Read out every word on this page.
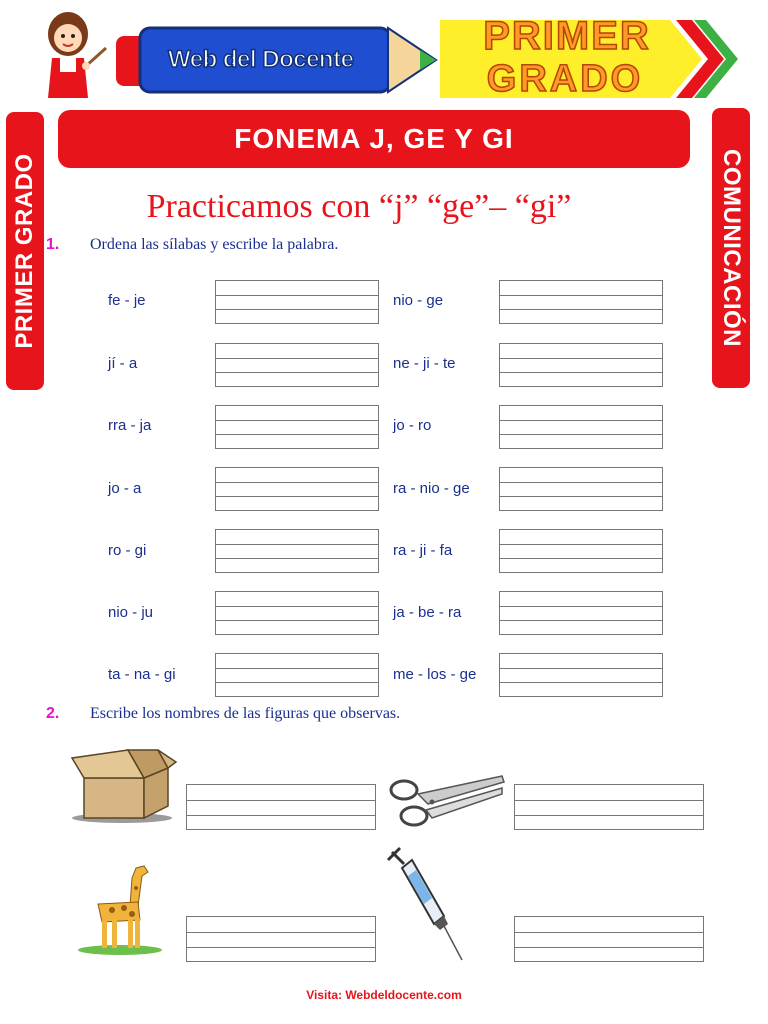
Web del Docente
PRIMER
GRADO
PRIMER GRADO	COMUNICACIÓN
FONEMA J, GE Y GI
Practicamos con “j” “ge”– “gi”
1. Ordena las sílabas y escribe la palabra.
fe - je
jí - a
rra - ja
jo - a
ro - gi
nio - ju
ta - na - gi
nio - ge
ne - ji - te
jo - ro
ra - nio - ge
ra - ji - fa
ja - be - ra
me - los - ge
2. Escribe los nombres de las figuras que observas.
Visita: Webdeldocente.com
